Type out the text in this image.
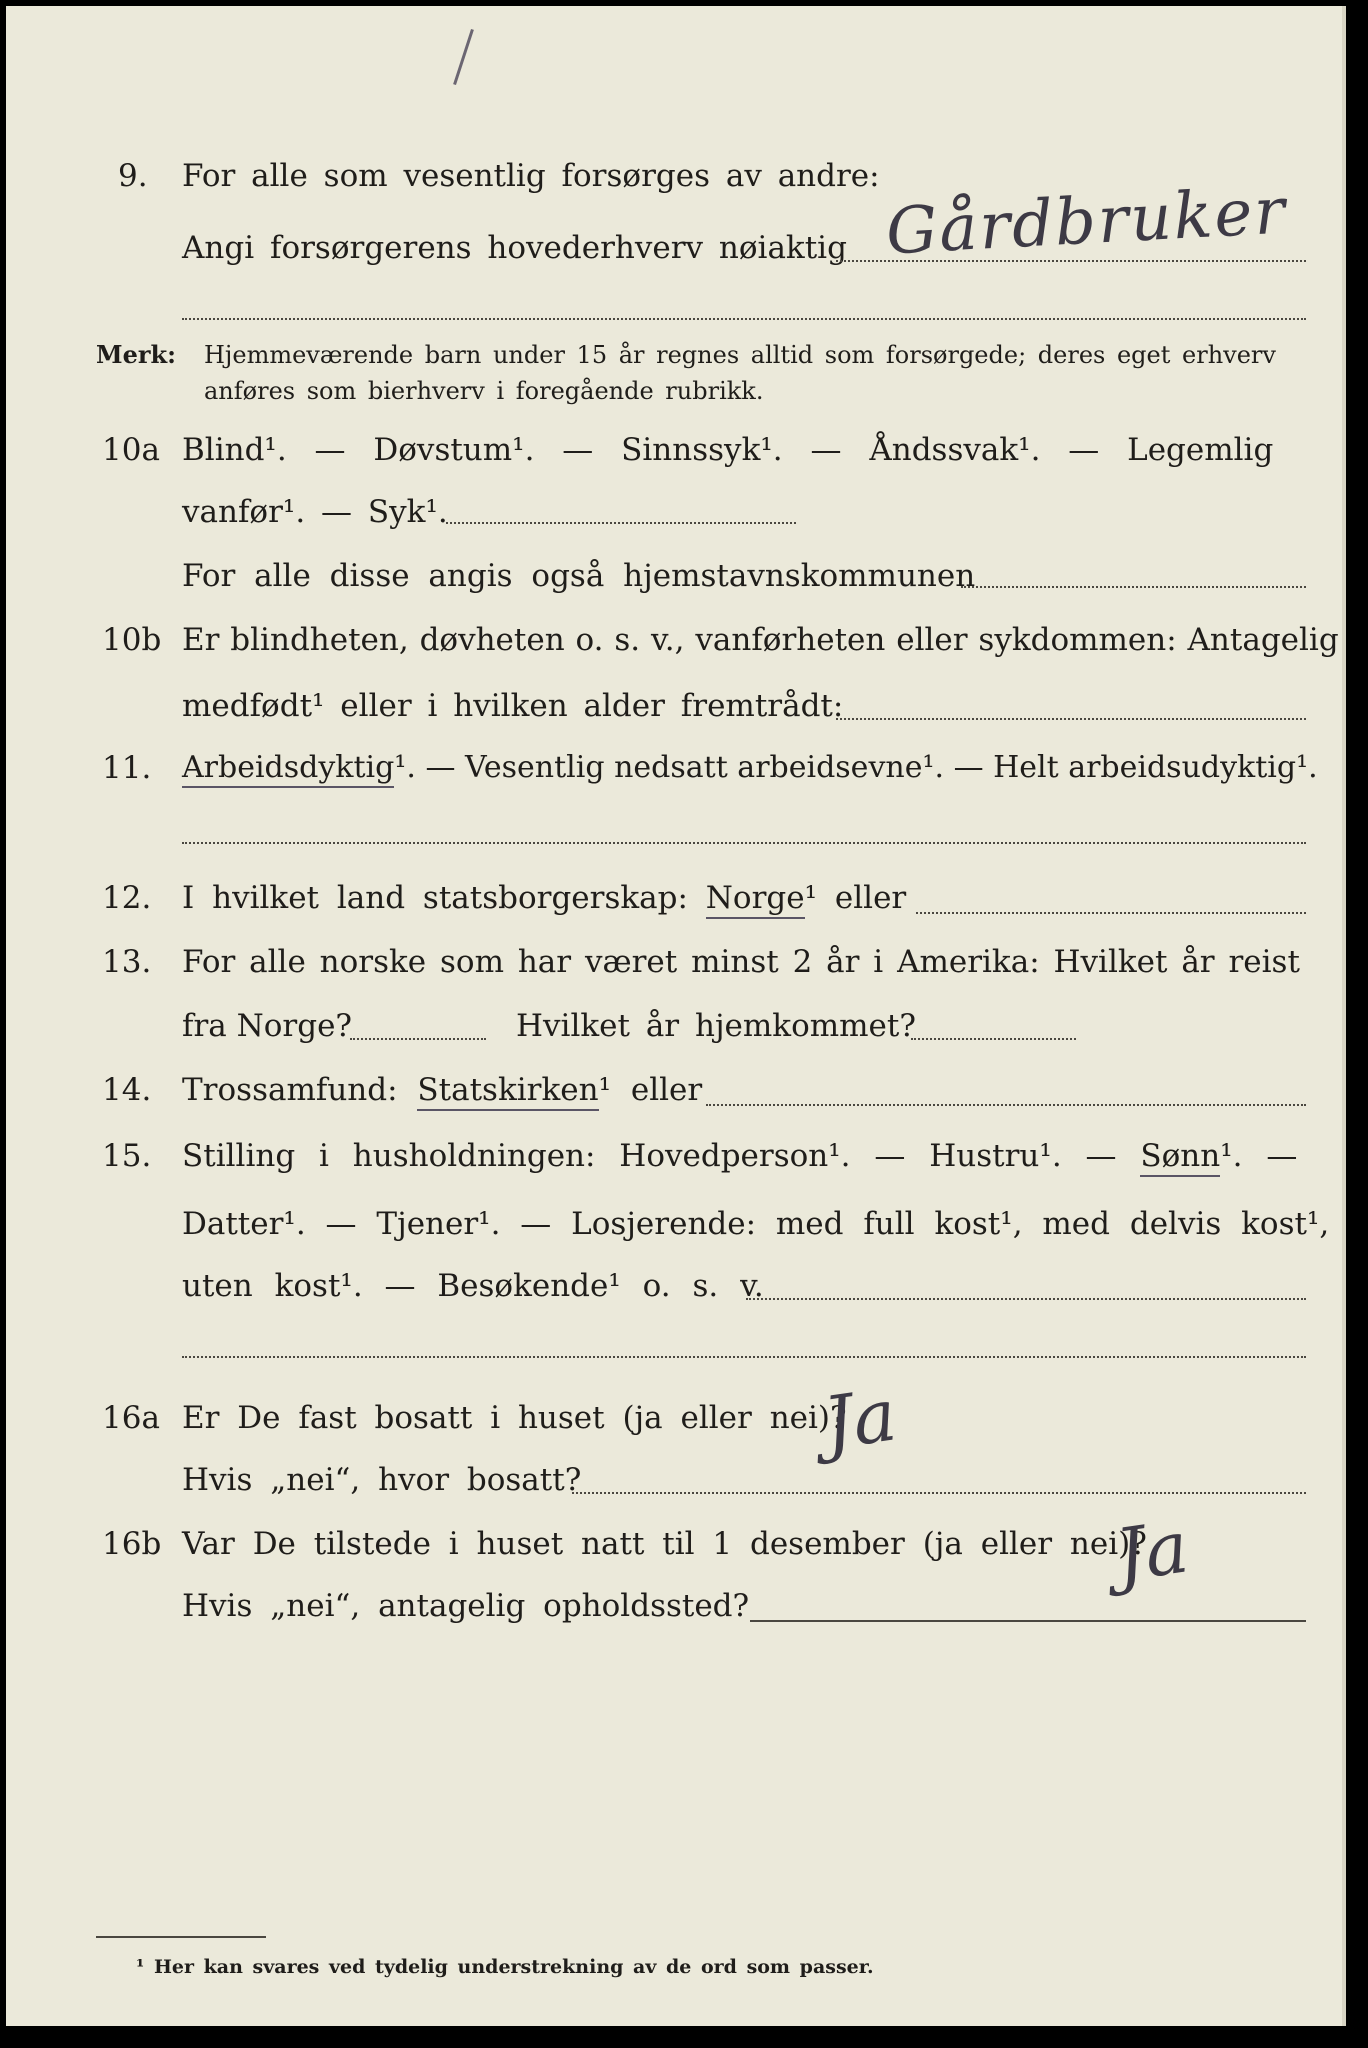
9. For alle som vesentlig forsørges av andre:
Angi forsørgerens hovederhverv nøiaktig Gårdbruker
Merk: Hjemmeværende barn under 15 år regnes alltid som forsørgede; deres eget erhverv
anføres som bierhverv i foregående rubrikk.
10a Blind¹. — Døvstum¹. — Sinnssyk¹. — Åndssvak¹. — Legemlig
vanfør¹. — Syk¹.
For alle disse angis også hjemstavnskommunen
10b Er blindheten, døvheten o. s. v., vanførheten eller sykdommen: Antagelig
medfødt¹ eller i hvilken alder fremtrådt:
11. Arbeidsdyktig¹. — Vesentlig nedsatt arbeidsevne¹. — Helt arbeidsudyktig¹.
12. I hvilket land statsborgerskap: Norge¹ eller
13. For alle norske som har været minst 2 år i Amerika: Hvilket år reist
fra Norge?	Hvilket år hjemkommet?
14. Trossamfund: Statskirken¹ eller
15. Stilling i husholdningen: Hovedperson¹. — Hustru¹. — Sønn¹. —
Datter¹. — Tjener¹. — Losjerende: med full kost¹, med delvis kost¹,
uten kost¹. — Besøkende¹ o. s. v.
16a Er De fast bosatt i huset (ja eller nei)?
Ja
Hvis „nei“, hvor bosatt?
16b Var De tilstede i huset natt til 1 desember (ja eller nei)?
Ja
Hvis „nei“, antagelig opholdssted?
¹ Her kan svares ved tydelig understrekning av de ord som passer.
